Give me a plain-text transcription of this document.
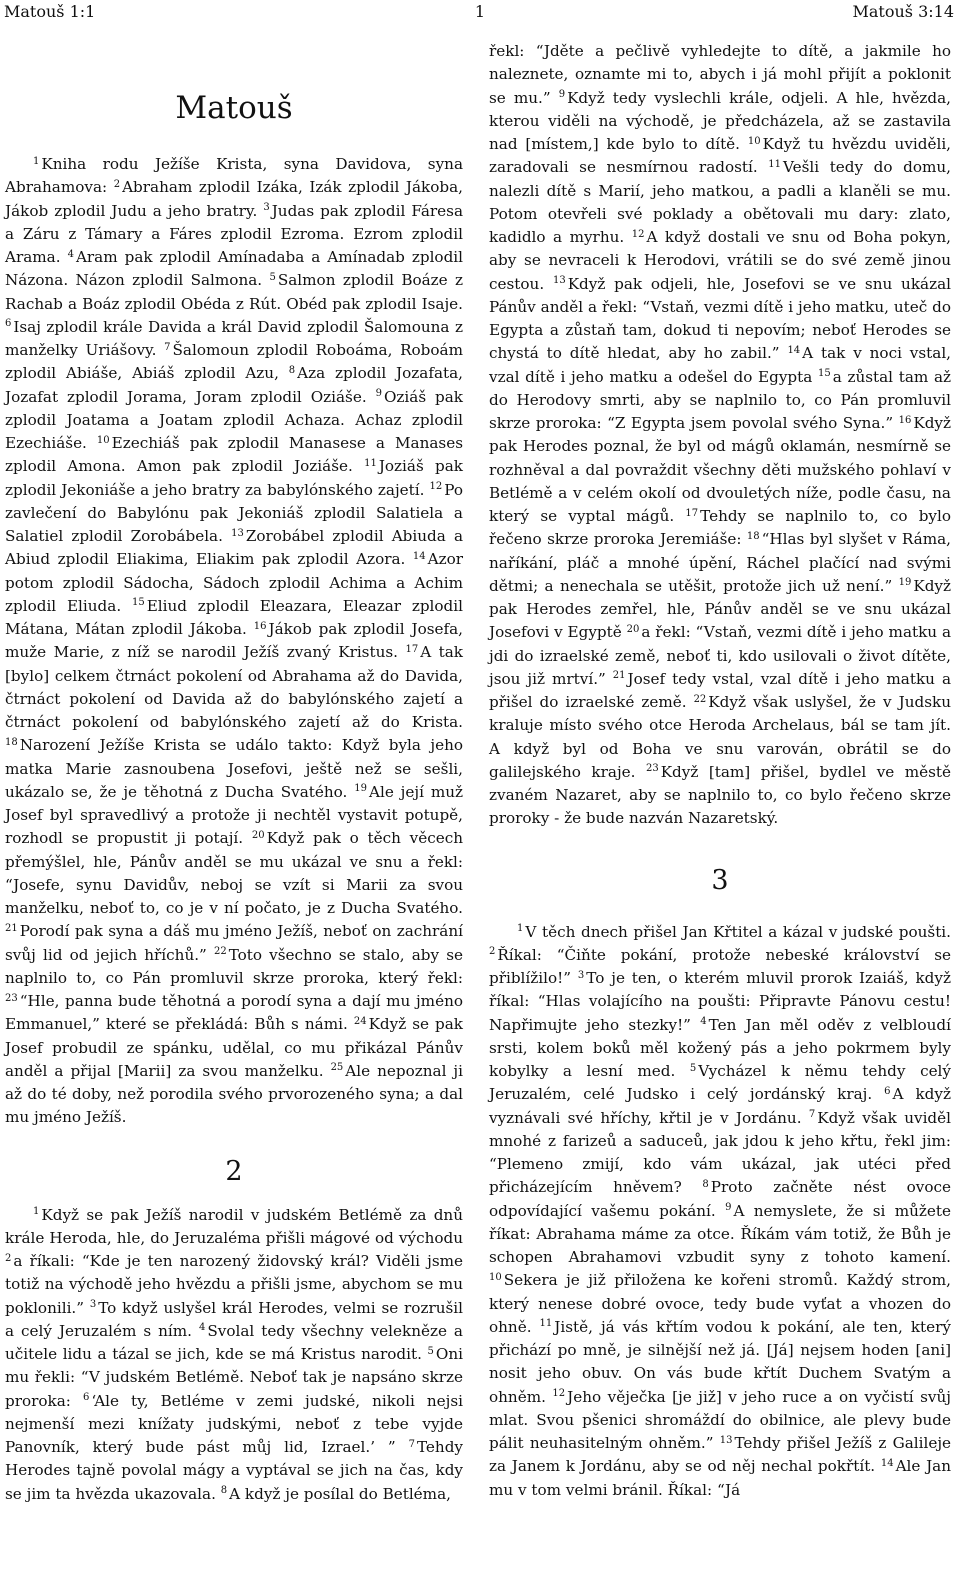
Matouš 1:1	1	Matouš 3:14
Matouš

$^1$ Kniha rodu Ježíše Krista, syna Davidova, syna Abrahamova: $^2$ Abraham zplodil Izáka, Izák zplodil Jákoba, Jákob zplodil Judu a jeho bratry. $^3$ Judas pak zplodil Fáresa a Záru z Támary a Fáres zplodil Ezroma. Ezrom zplodil Arama. $^4$ Aram pak zplodil Amínadaba a Amínadab zplodil Názona. Názon zplodil Salmona. $^5$ Salmon zplodil Boáze z Rachab a Boáz zplodil Obéda z Rút. Obéd pak zplodil Isaje. $^6$ Isaj zplodil krále Davida a král David zplodil Šalomouna z manželky Uriášovy. $^7$ Šalomoun zplodil Roboáma, Roboám zplodil Abiáše, Abiáš zplodil Azu, $^8$ Aza zplodil Jozafata, Jozafat zplodil Jorama, Joram zplodil Oziáše. $^9$ Oziáš pak zplodil Joatama a Joatam zplodil Achaza. Achaz zplodil Ezechiáše. $^{10}$ Ezechiáš pak zplodil Manasese a Manases zplodil Amona. Amon pak zplodil Joziáše. $^{11}$ Joziáš pak zplodil Jekoniáše a jeho bratry za babylónského zajetí. $^{12}$ Po zavlečení do Babylónu pak Jekoniáš zplodil Salatiela a Salatiel zplodil Zorobábela. $^{13}$ Zorobábel zplodil Abiuda a Abiud zplodil Eliakima, Eliakim pak zplodil Azora. $^{14}$ Azor potom zplodil Sádocha, Sádoch zplodil Achima a Achim zplodil Eliuda. $^{15}$ Eliud zplodil Eleazara, Eleazar zplodil Mátana, Mátan zplodil Jákoba. $^{16}$ Jákob pak zplodil Josefa, muže Marie, z níž se narodil Ježíš zvaný Kristus. $^{17}$ A tak [bylo] celkem čtrnáct pokolení od Abrahama až do Davida, čtrnáct pokolení od Davida až do babylónského zajetí a čtrnáct pokolení od babylónského zajetí až do Krista. $^{18}$ Narození Ježíše Krista se událo takto: Když byla jeho matka Marie zasnoubena Josefovi, ještě než se sešli, ukázalo se, že je těhotná z Ducha Svatého. $^{19}$ Ale její muž Josef byl spravedlivý a protože ji nechtěl vystavit potupě, rozhodl se propustit ji potají. $^{20}$ Když pak o těch věcech přemýšlel, hle, Pánův anděl se mu ukázal ve snu a řekl: “Josefe, synu Davidův, neboj se vzít si Marii za svou manželku, neboť to, co je v ní počato, je z Ducha Svatého. $^{21}$ Porodí pak syna a dáš mu jméno Ježíš, neboť on zachrání svůj lid od jejich hříchů.” $^{22}$ Toto všechno se stalo, aby se naplnilo to, co Pán promluvil skrze proroka, který řekl: $^{23}$ “Hle, panna bude těhotná a porodí syna a dají mu jméno Emmanuel,” které se překládá: Bůh s námi. $^{24}$ Když se pak Josef probudil ze spánku, udělal, co mu přikázal Pánův anděl a přijal [Marii] za svou manželku. $^{25}$ Ale nepoznal ji až do té doby, než porodila svého prvorozeného syna; a dal mu jméno Ježíš.

2

$^1$ Když se pak Ježíš narodil v judském Betlémě za dnů krále Heroda, hle, do Jeruzaléma přišli mágové od východu $^2$ a říkali: “Kde je ten narozený židovský král? Viděli jsme totiž na východě jeho hvězdu a přišli jsme, abychom se mu poklonili.” $^3$ To když uslyšel král Herodes, velmi se rozrušil a celý Jeruzalém s ním. $^4$ Svolal tedy všechny velekněze a učitele lidu a tázal se jich, kde se má Kristus narodit. $^5$ Oni mu řekli: “V judském Betlémě. Neboť tak je napsáno skrze proroka: $^6$ ‘Ale ty, Betléme v zemi judské, nikoli nejsi nejmenší mezi knížaty judskými, neboť z tebe vyjde Panovník, který bude pást můj lid, Izrael.’ ” $^7$ Tehdy Herodes tajně povolal mágy a vyptával se jich na čas, kdy se jim ta hvězda ukazovala. $^8$ A když je posílal do Betléma,

řekl: “Jděte a pečlivě vyhledejte to dítě, a jakmile ho naleznete, oznamte mi to, abych i já mohl přijít a poklonit se mu.” $^9$ Když tedy vyslechli krále, odjeli. A hle, hvězda, kterou viděli na východě, je předcházela, až se zastavila nad [místem,] kde bylo to dítě. $^{10}$ Když tu hvězdu uviděli, zaradovali se nesmírnou radostí. $^{11}$ Vešli tedy do domu, nalezli dítě s Marií, jeho matkou, a padli a klaněli se mu. Potom otevřeli své poklady a obětovali mu dary: zlato, kadidlo a myrhu. $^{12}$ A když dostali ve snu od Boha pokyn, aby se nevraceli k Herodovi, vrátili se do své země jinou cestou. $^{13}$ Když pak odjeli, hle, Josefovi se ve snu ukázal Pánův anděl a řekl: “Vstaň, vezmi dítě i jeho matku, uteč do Egypta a zůstaň tam, dokud ti nepovím; neboť Herodes se chystá to dítě hledat, aby ho zabil.” $^{14}$ A tak v noci vstal, vzal dítě i jeho matku a odešel do Egypta $^{15}$ a zůstal tam až do Herodovy smrti, aby se naplnilo to, co Pán promluvil skrze proroka: “Z Egypta jsem povolal svého Syna.” $^{16}$ Když pak Herodes poznal, že byl od mágů oklamán, nesmírně se rozhněval a dal povraždit všechny děti mužského pohlaví v Betlémě a v celém okolí od dvouletých níže, podle času, na který se vyptal mágů. $^{17}$ Tehdy se naplnilo to, co bylo řečeno skrze proroka Jeremiáše: $^{18}$ “Hlas byl slyšet v Ráma, naříkání, pláč a mnohé úpění, Ráchel plačící nad svými dětmi; a nenechala se utěšit, protože jich už není.” $^{19}$ Když pak Herodes zemřel, hle, Pánův anděl se ve snu ukázal Josefovi v Egyptě $^{20}$ a řekl: “Vstaň, vezmi dítě i jeho matku a jdi do izraelské země, neboť ti, kdo usilovali o život dítěte, jsou již mrtví.” $^{21}$ Josef tedy vstal, vzal dítě i jeho matku a přišel do izraelské země. $^{22}$ Když však uslyšel, že v Judsku kraluje místo svého otce Heroda Archelaus, bál se tam jít. A když byl od Boha ve snu varován, obrátil se do galilejského kraje. $^{23}$ Když [tam] přišel, bydlel ve městě zvaném Nazaret, aby se naplnilo to, co bylo řečeno skrze proroky - že bude nazván Nazaretský.

3

$^1$ V těch dnech přišel Jan Křtitel a kázal v judské poušti. $^2$ Říkal: “Čiňte pokání, protože nebeské království se přiblížilo!” $^3$ To je ten, o kterém mluvil prorok Izaiáš, když říkal: “Hlas volajícího na poušti: Připravte Pánovu cestu! Napřimujte jeho stezky!” $^4$ Ten Jan měl oděv z velbloudí srsti, kolem boků měl kožený pás a jeho pokrmem byly kobylky a lesní med. $^5$ Vycházel k němu tehdy celý Jeruzalém, celé Judsko i celý jordánský kraj. $^6$ A když vyznávali své hříchy, křtil je v Jordánu. $^7$ Když však uviděl mnohé z farizeů a saduceů, jak jdou k jeho křtu, řekl jim: “Plemeno zmijí, kdo vám ukázal, jak utéci před přicházejícím hněvem? $^8$ Proto začněte nést ovoce odpovídající vašemu pokání. $^9$ A nemyslete, že si můžete říkat: Abrahama máme za otce. Říkám vám totiž, že Bůh je schopen Abrahamovi vzbudit syny z tohoto kamení. $^{10}$ Sekera je již přiložena ke kořeni stromů. Každý strom, který nenese dobré ovoce, tedy bude vyťat a vhozen do ohně. $^{11}$ Jistě, já vás křtím vodou k pokání, ale ten, který přichází po mně, je silnější než já. [Já] nejsem hoden [ani] nosit jeho obuv. On vás bude křtít Duchem Svatým a ohněm. $^{12}$ Jeho věječka [je již] v jeho ruce a on vyčistí svůj mlat. Svou pšenici shromáždí do obilnice, ale plevy bude pálit neuhasitelným ohněm.” $^{13}$ Tehdy přišel Ježíš z Galileje za Janem k Jordánu, aby se od něj nechal pokřtít. $^{14}$ Ale Jan mu v tom velmi bránil. Říkal: “Já
